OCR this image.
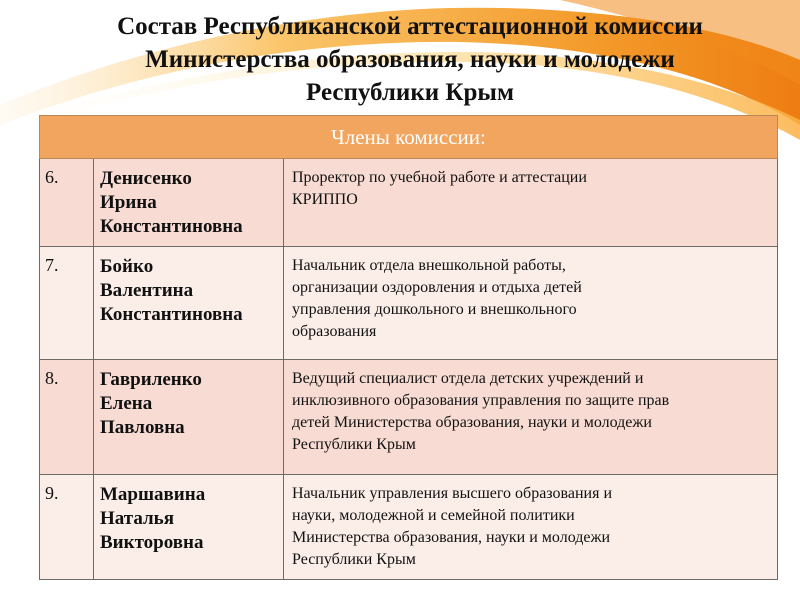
Состав Республиканской аттестационной комиссии
Министерства образования, науки и молодежи
Республики Крым
Члены комиссии:		
6.	Денисенко
Ирина
Константиновна	Проректор по учебной работе и аттестации
КРИППО

7.	Бойко
Валентина
Константиновна	Начальник отдела внешкольной работы,
организации оздоровления и отдыха детей
управления дошкольного и внешкольного
образования

8.	Гавриленко
Елена
Павловна	Ведущий специалист отдела детских учреждений и
инклюзивного образования управления по защите прав
детей Министерства образования, науки и молодежи
Республики Крым

9.	Маршавина
Наталья
Викторовна	Начальник управления высшего образования и
науки, молодежной и семейной политики
Министерства образования, науки и молодежи
Республики Крым
